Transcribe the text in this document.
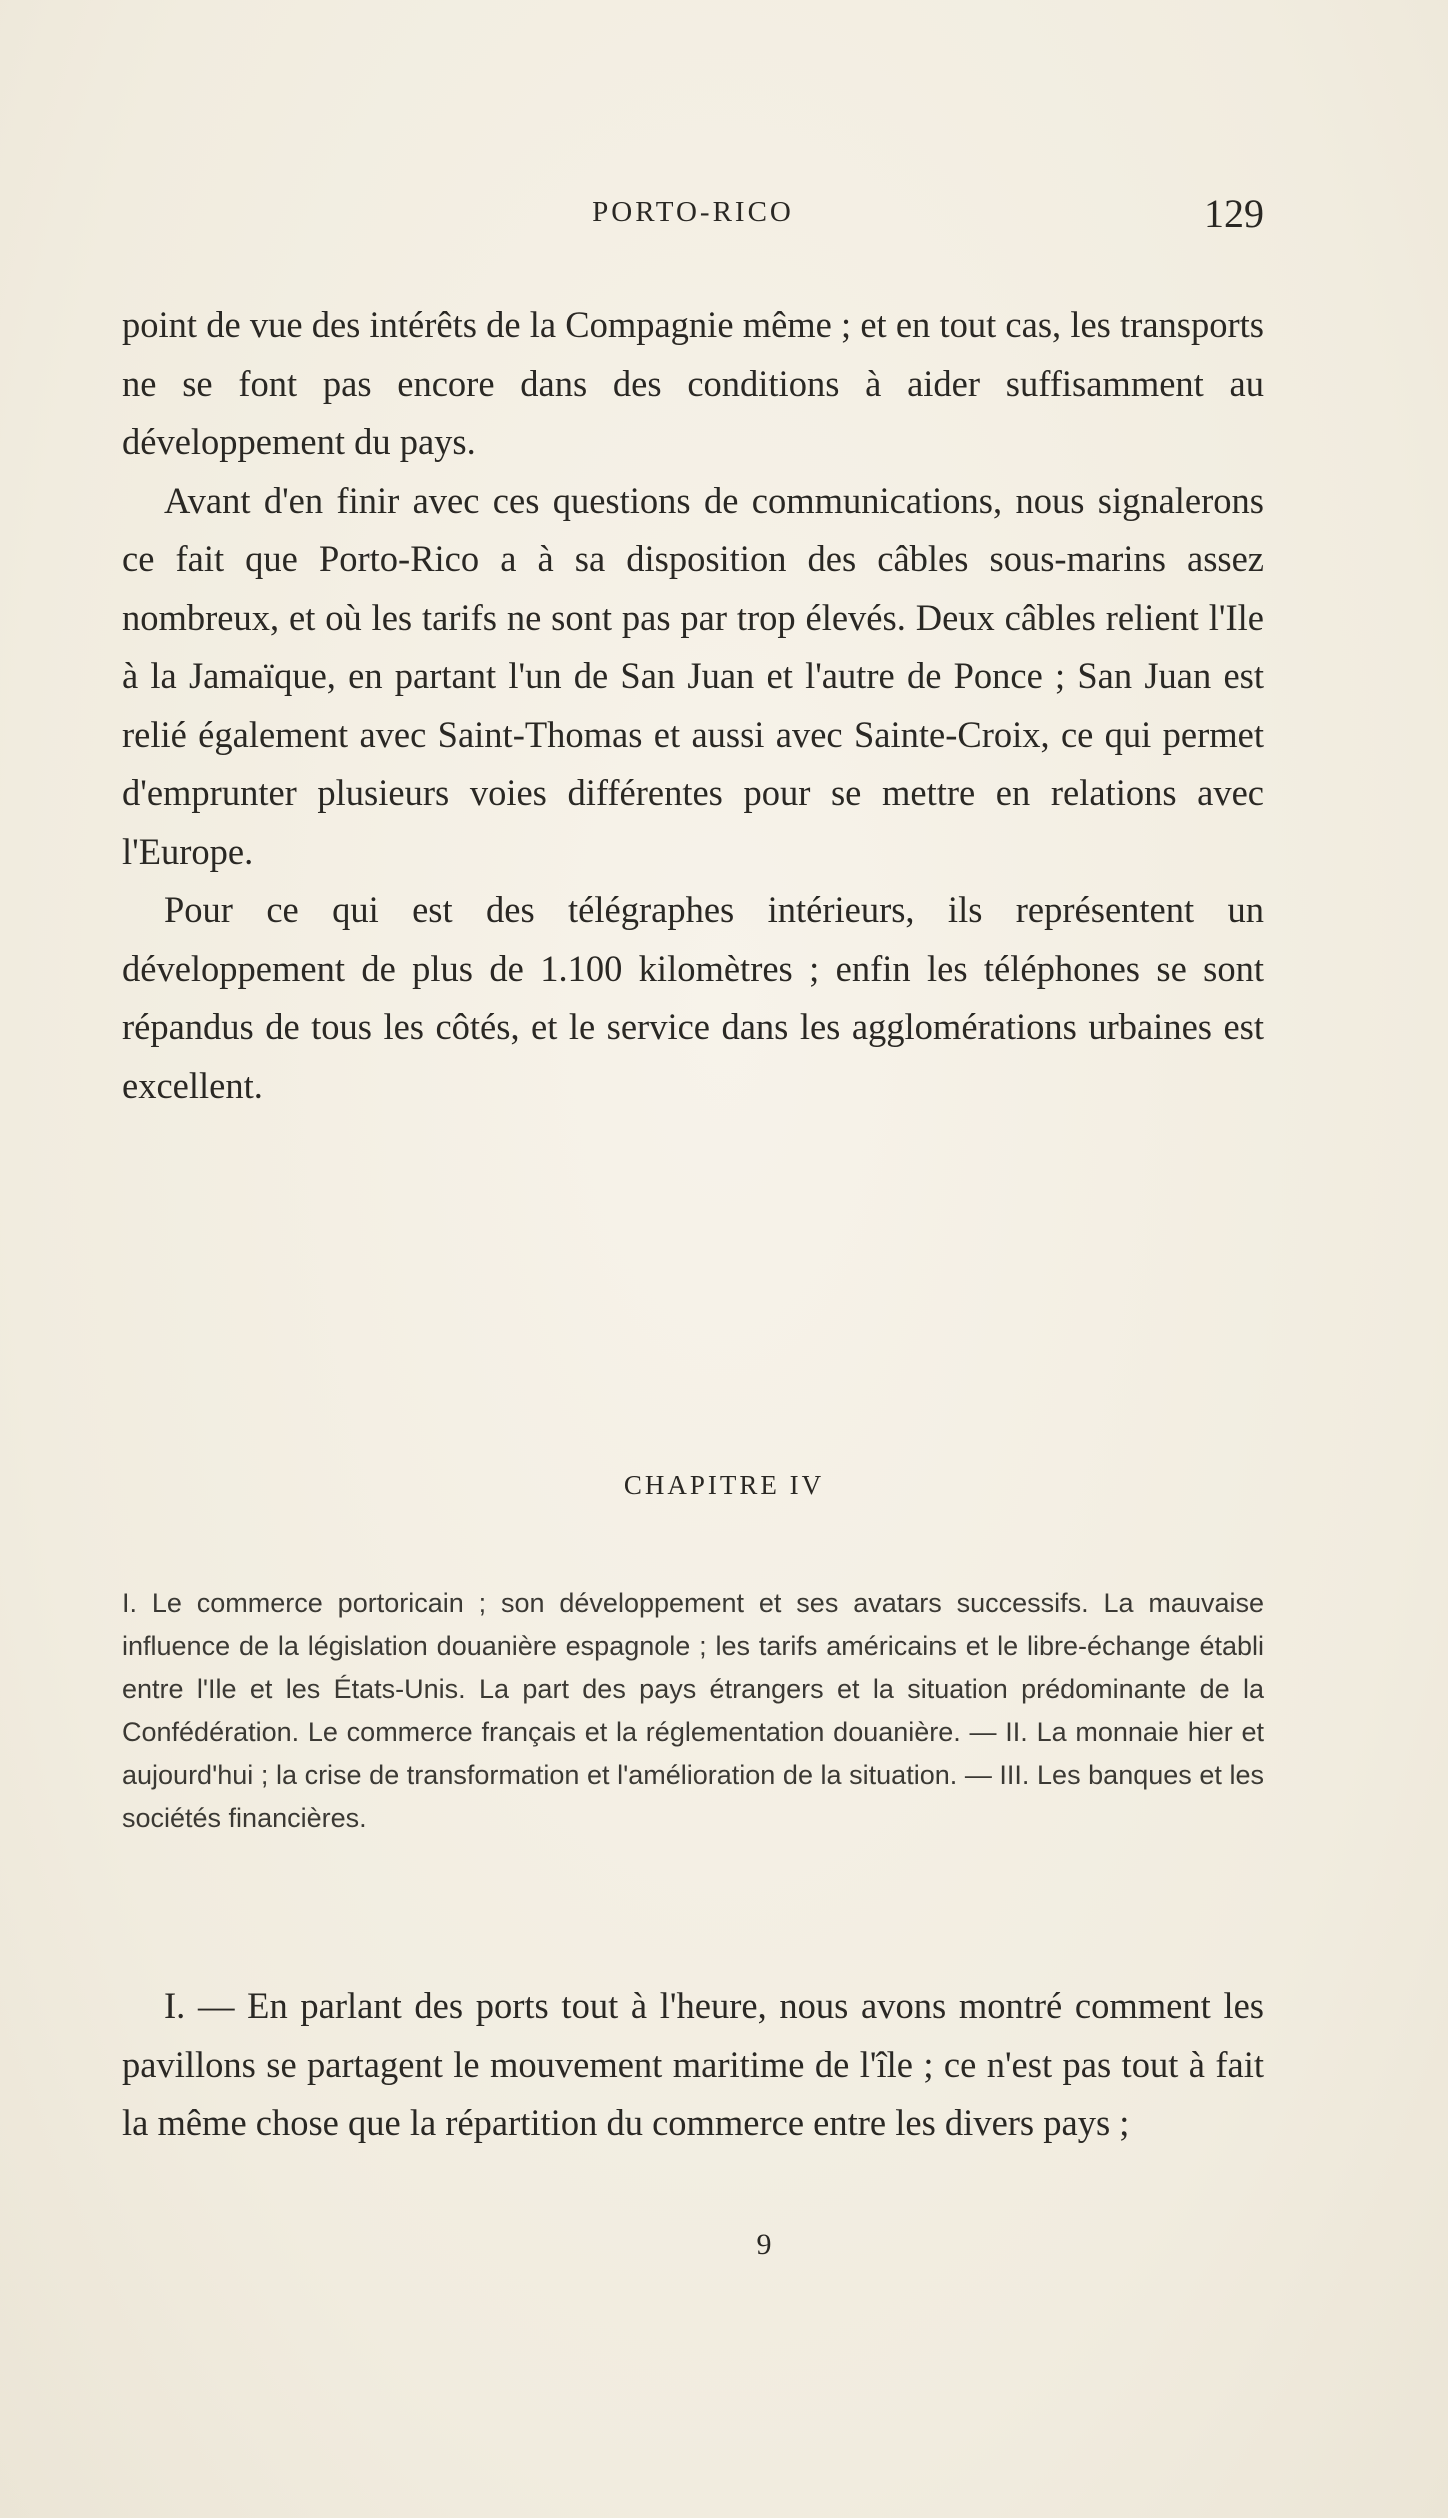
PORTO-RICO	129

point de vue des intérêts de la Compagnie même ; et en tout cas, les transports ne se font pas encore dans des conditions à aider suffisamment au développement du pays.

Avant d'en finir avec ces questions de communications, nous signalerons ce fait que Porto-Rico a à sa disposition des câbles sous-marins assez nombreux, et où les tarifs ne sont pas par trop élevés. Deux câbles relient l'Ile à la Jamaïque, en partant l'un de San Juan et l'autre de Ponce ; San Juan est relié également avec Saint-Thomas et aussi avec Sainte-Croix, ce qui permet d'emprunter plusieurs voies différentes pour se mettre en relations avec l'Europe.

Pour ce qui est des télégraphes intérieurs, ils représentent un développement de plus de 1.100 kilomètres ; enfin les téléphones se sont répandus de tous les côtés, et le service dans les agglomérations urbaines est excellent.

CHAPITRE IV

I. Le commerce portoricain ; son développement et ses avatars successifs. La mauvaise influence de la législation douanière espagnole ; les tarifs américains et le libre-échange établi entre l'Ile et les États-Unis. La part des pays étrangers et la situation prédominante de la Confédération. Le commerce français et la réglementation douanière. — II. La monnaie hier et aujourd'hui ; la crise de transformation et l'amélioration de la situation. — III. Les banques et les sociétés financières.

I. — En parlant des ports tout à l'heure, nous avons montré comment les pavillons se partagent le mouvement maritime de l'île ; ce n'est pas tout à fait la même chose que la répartition du commerce entre les divers pays ;

9
